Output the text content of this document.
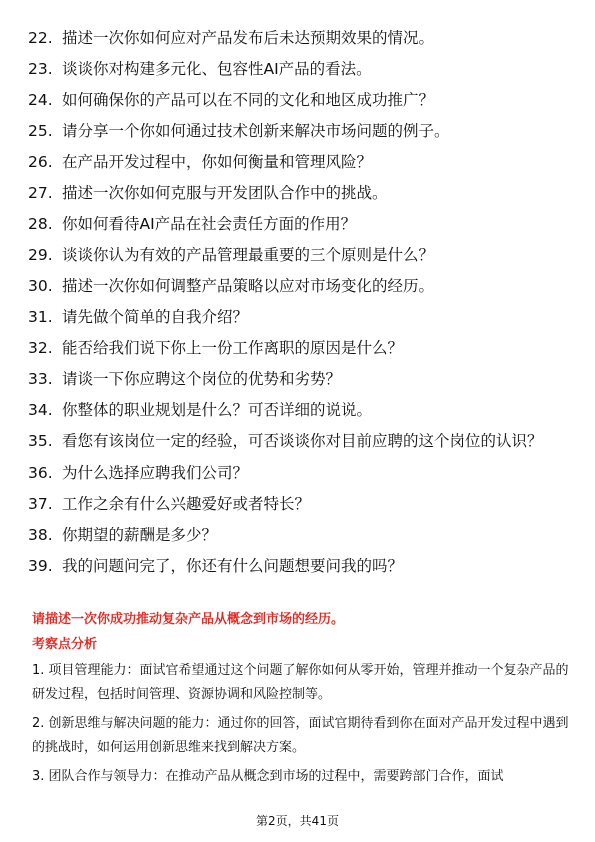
22. 描述一次你如何应对产品发布后未达预期效果的情况。
23. 谈谈你对构建多元化、包容性AI产品的看法。
24. 如何确保你的产品可以在不同的文化和地区成功推广？
25. 请分享一个你如何通过技术创新来解决市场问题的例子。
26. 在产品开发过程中，你如何衡量和管理风险？
27. 描述一次你如何克服与开发团队合作中的挑战。
28. 你如何看待AI产品在社会责任方面的作用？
29. 谈谈你认为有效的产品管理最重要的三个原则是什么？
30. 描述一次你如何调整产品策略以应对市场变化的经历。
31. 请先做个简单的自我介绍？
32. 能否给我们说下你上一份工作离职的原因是什么？
33. 请谈一下你应聘这个岗位的优势和劣势？
34. 你整体的职业规划是什么？可否详细的说说。
35. 看您有该岗位一定的经验，可否谈谈你对目前应聘的这个岗位的认识？
36. 为什么选择应聘我们公司？
37. 工作之余有什么兴趣爱好或者特长？
38. 你期望的薪酬是多少？
39. 我的问题问完了，你还有什么问题想要问我的吗？
请描述一次你成功推动复杂产品从概念到市场的经历。
考察点分析
1. 项目管理能力：面试官希望通过这个问题了解你如何从零开始，管理并推动一个复杂产品的研发过程，包括时间管理、资源协调和风险控制等。
2. 创新思维与解决问题的能力：通过你的回答，面试官期待看到你在面对产品开发过程中遇到的挑战时，如何运用创新思维来找到解决方案。
3. 团队合作与领导力：在推动产品从概念到市场的过程中，需要跨部门合作，面试
第2页，共41页
